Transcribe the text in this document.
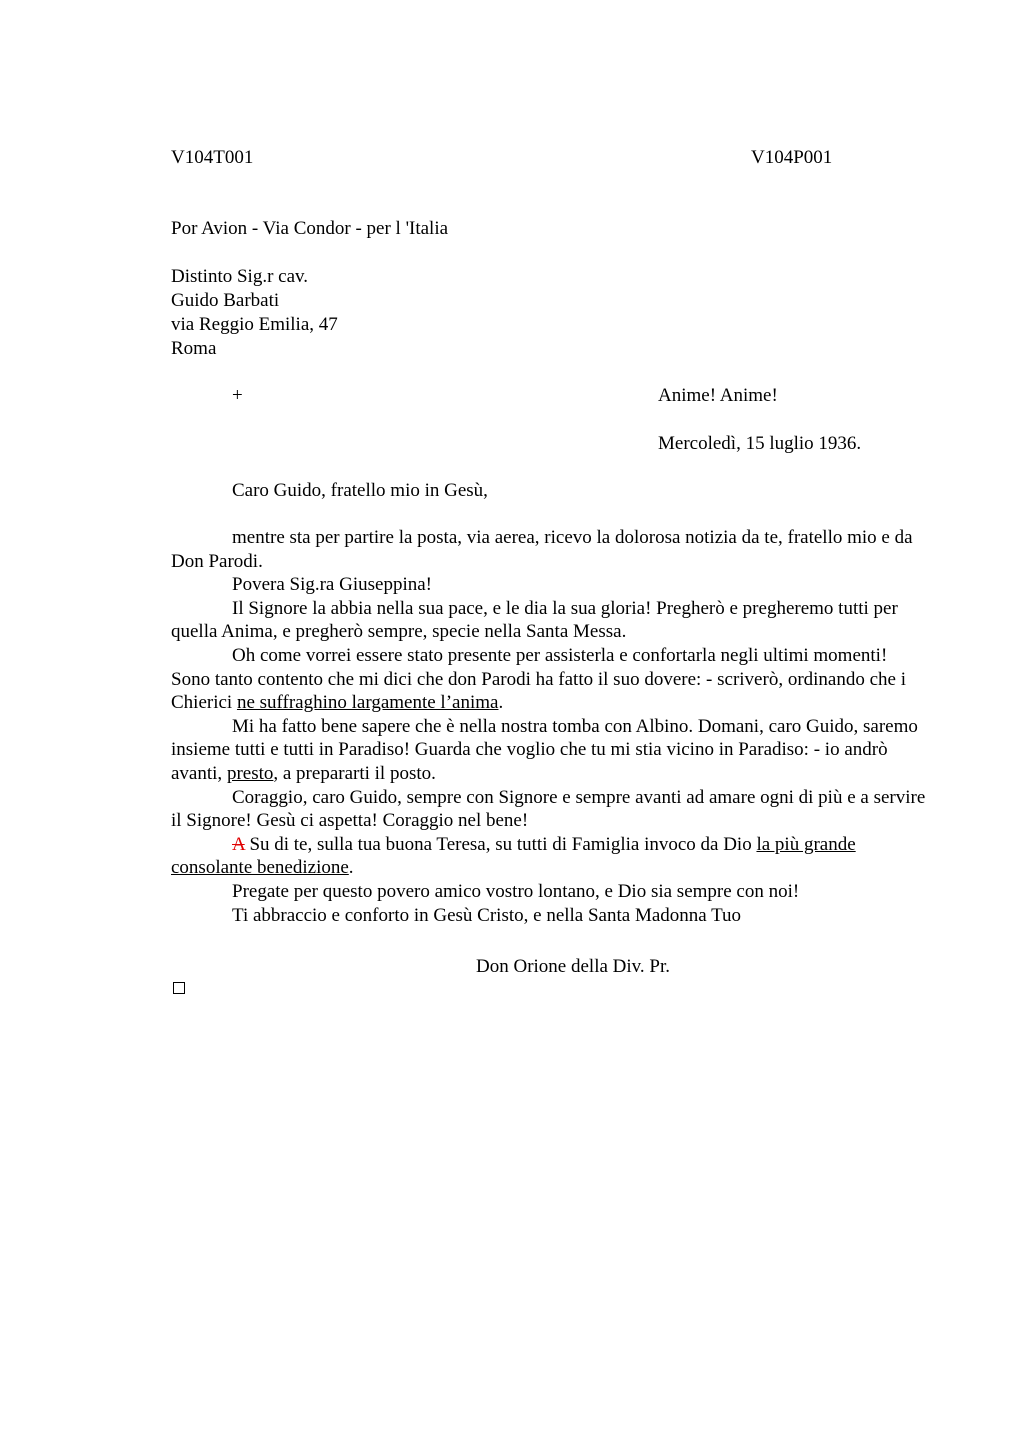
V104T001	V104P001
Por Avion - Via Condor - per l 'Italia
Distinto Sig.r cav.
Guido Barbati
via Reggio Emilia, 47
Roma
+	Anime! Anime!
Mercoledì, 15 luglio 1936.
Caro Guido, fratello mio in Gesù,

mentre sta per partire la posta, via aerea, ricevo la dolorosa notizia da te, fratello mio e da Don Parodi.

Povera Sig.ra Giuseppina!

Il Signore la abbia nella sua pace, e le dia la sua gloria! Pregherò e pregheremo tutti per quella Anima, e pregherò sempre, specie nella Santa Messa.

Oh come vorrei essere stato presente per assisterla e confortarla negli ultimi momenti! Sono tanto contento che mi dici che don Parodi ha fatto il suo dovere: - scriverò, ordinando che i Chierici ne suffraghino largamente l’anima.

Mi ha fatto bene sapere che è nella nostra tomba con Albino. Domani, caro Guido, saremo insieme tutti e tutti in Paradiso! Guarda che voglio che tu mi stia vicino in Paradiso: - io andrò avanti, presto, a prepararti il posto.

Coraggio, caro Guido, sempre con Signore e sempre avanti ad amare ogni di più e a servire il Signore! Gesù ci aspetta! Coraggio nel bene!

A Su di te, sulla tua buona Teresa, su tutti di Famiglia invoco da Dio la più grande consolante benedizione.

Pregate per questo povero amico vostro lontano, e Dio sia sempre con noi!

Ti abbraccio e conforto in Gesù Cristo, e nella Santa Madonna Tuo

Don Orione della Div. Pr.
